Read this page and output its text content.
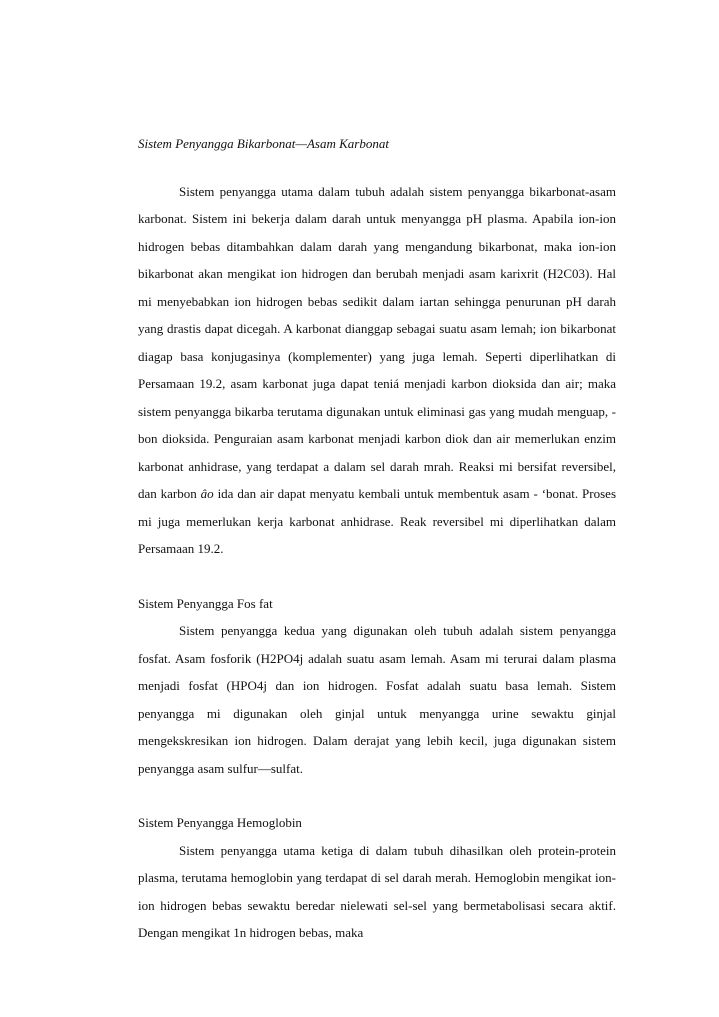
Sistem Penyangga Bikarbonat—Asam Karbonat

Sistem penyangga utama dalam tubuh adalah sistem penyangga bikarbonat-asam karbonat. Sistem ini bekerja dalam darah untuk menyangga pH plasma. Apabila ion-ion hidrogen bebas ditambahkan dalam darah yang mengandung bikarbonat, maka ion-ion bikarbonat akan mengikat ion hidrogen dan berubah menjadi asam karixrit (H2C03). Hal mi menyebabkan ion hidrogen bebas sedikit dalam iartan sehingga penurunan pH darah yang drastis dapat dicegah. A karbonat dianggap sebagai suatu asam lemah; ion bikarbonat diagap basa konjugasinya (komplementer) yang juga lemah. Seperti diperlihatkan di Persamaan 19.2, asam karbonat juga dapat teniá menjadi karbon dioksida dan air; maka sistem penyangga bikarba terutama digunakan untuk eliminasi gas yang mudah menguap, - bon dioksida. Penguraian asam karbonat menjadi karbon diok dan air memerlukan enzim karbonat anhidrase, yang terdapat a dalam sel darah mrah. Reaksi mi bersifat reversibel, dan karbon âo ida dan air dapat menyatu kembali untuk membentuk asam - ‘bonat. Proses mi juga memerlukan kerja karbonat anhidrase. Reak reversibel mi diperlihatkan dalam Persamaan 19.2.

Sistem Penyangga Fos fat

Sistem penyangga kedua yang digunakan oleh tubuh adalah sistem penyangga fosfat. Asam fosforik (H2PO4j adalah suatu asam lemah. Asam mi terurai dalam plasma menjadi fosfat (HPO4j dan ion hidrogen. Fosfat adalah suatu basa lemah. Sistem penyangga mi digunakan oleh ginjal untuk menyangga urine sewaktu ginjal mengekskresikan ion hidrogen. Dalam derajat yang lebih kecil, juga digunakan sistem penyangga asam sulfur—sulfat.

Sistem Penyangga Hemoglobin

Sistem penyangga utama ketiga di dalam tubuh dihasilkan oleh protein-protein plasma, terutama hemoglobin yang terdapat di sel darah merah. Hemoglobin mengikat ion-ion hidrogen bebas sewaktu beredar nielewati sel-sel yang bermetabolisasi secara aktif. Dengan mengikat 1n hidrogen bebas, maka
